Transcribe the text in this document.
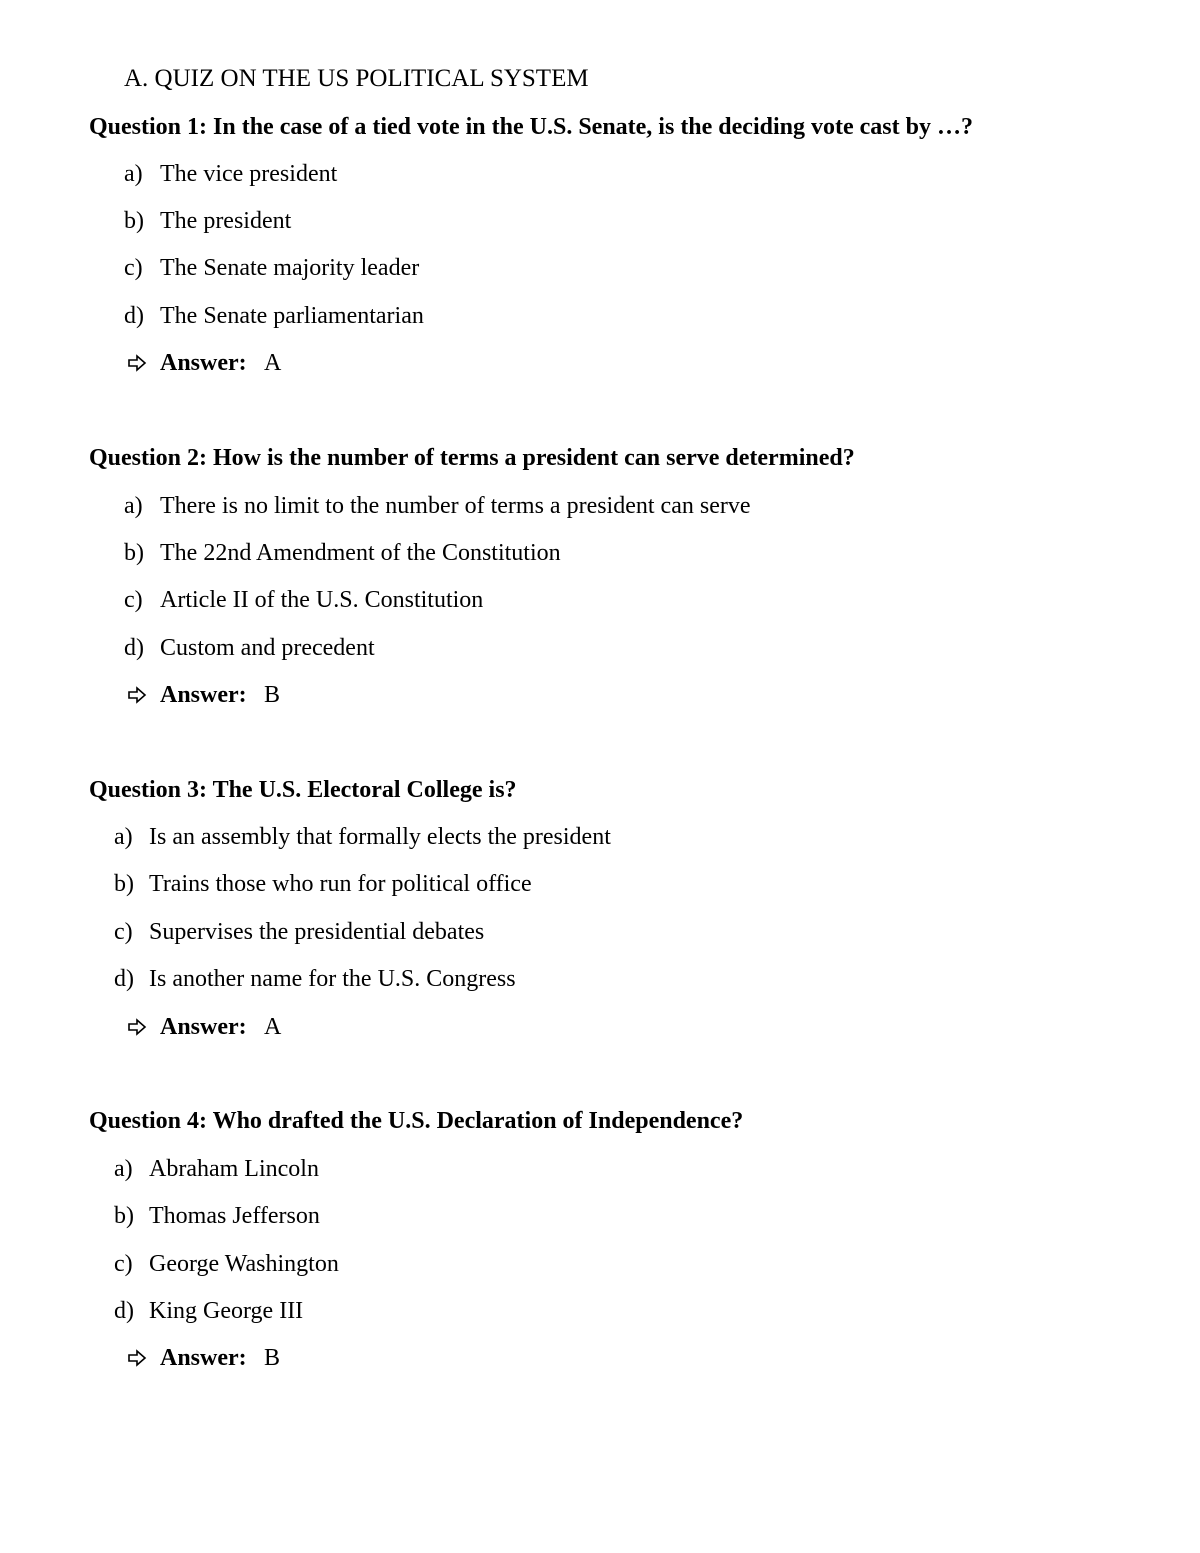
A. QUIZ ON THE US POLITICAL SYSTEM
Question 1: In the case of a tied vote in the U.S. Senate, is the deciding vote cast by …?
a) The vice president
b) The president
c) The Senate majority leader
d) The Senate parliamentarian
Answer: A
Question 2: How is the number of terms a president can serve determined?
a) There is no limit to the number of terms a president can serve
b) The 22nd Amendment of the Constitution
c) Article II of the U.S. Constitution
d) Custom and precedent
Answer: B
Question 3: The U.S. Electoral College is?
a) Is an assembly that formally elects the president
b) Trains those who run for political office
c) Supervises the presidential debates
d) Is another name for the U.S. Congress
Answer: A
Question 4: Who drafted the U.S. Declaration of Independence?
a) Abraham Lincoln
b) Thomas Jefferson
c) George Washington
d) King George III
Answer: B
